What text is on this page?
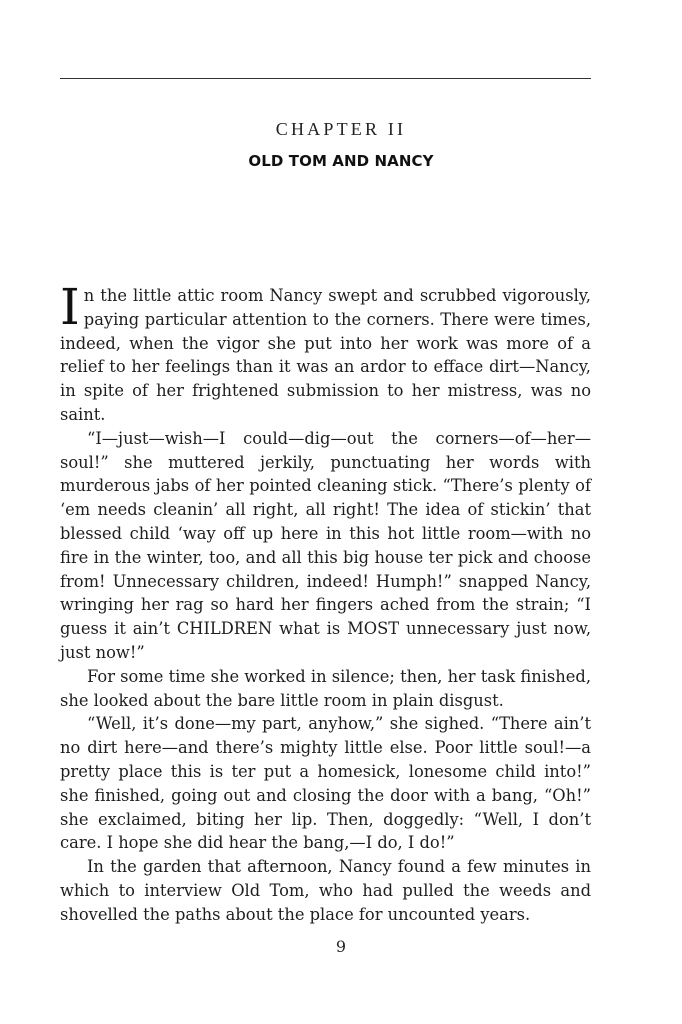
CHAPTER II
OLD TOM AND NANCY

In the little attic room Nancy swept and scrubbed vigorously, paying particular attention to the corners. There were times, indeed, when the vigor she put into her work was more of a relief to her feelings than it was an ardor to efface dirt—Nancy, in spite of her frightened submission to her mistress, was no saint.

“I—just—wish—I could—dig—out the corners—of—her—soul!” she muttered jerkily, punctuating her words with murderous jabs of her pointed cleaning stick. “There’s plenty of ‘em needs cleanin’ all right, all right! The idea of stickin’ that blessed child ‘way off up here in this hot little room—with no fire in the winter, too, and all this big house ter pick and choose from! Unnecessary children, indeed! Humph!” snapped Nancy, wringing her rag so hard her fingers ached from the strain; “I guess it ain’t CHILDREN what is MOST unnecessary just now, just now!”

For some time she worked in silence; then, her task finished, she looked about the bare little room in plain disgust.

“Well, it’s done—my part, anyhow,” she sighed. “There ain’t no dirt here—and there’s mighty little else. Poor little soul!—a pretty place this is ter put a homesick, lonesome child into!” she finished, going out and closing the door with a bang, “Oh!” she exclaimed, biting her lip. Then, doggedly: “Well, I don’t care. I hope she did hear the bang,—I do, I do!”

In the garden that afternoon, Nancy found a few minutes in which to interview Old Tom, who had pulled the weeds and shovelled the paths about the place for uncounted years.

9
